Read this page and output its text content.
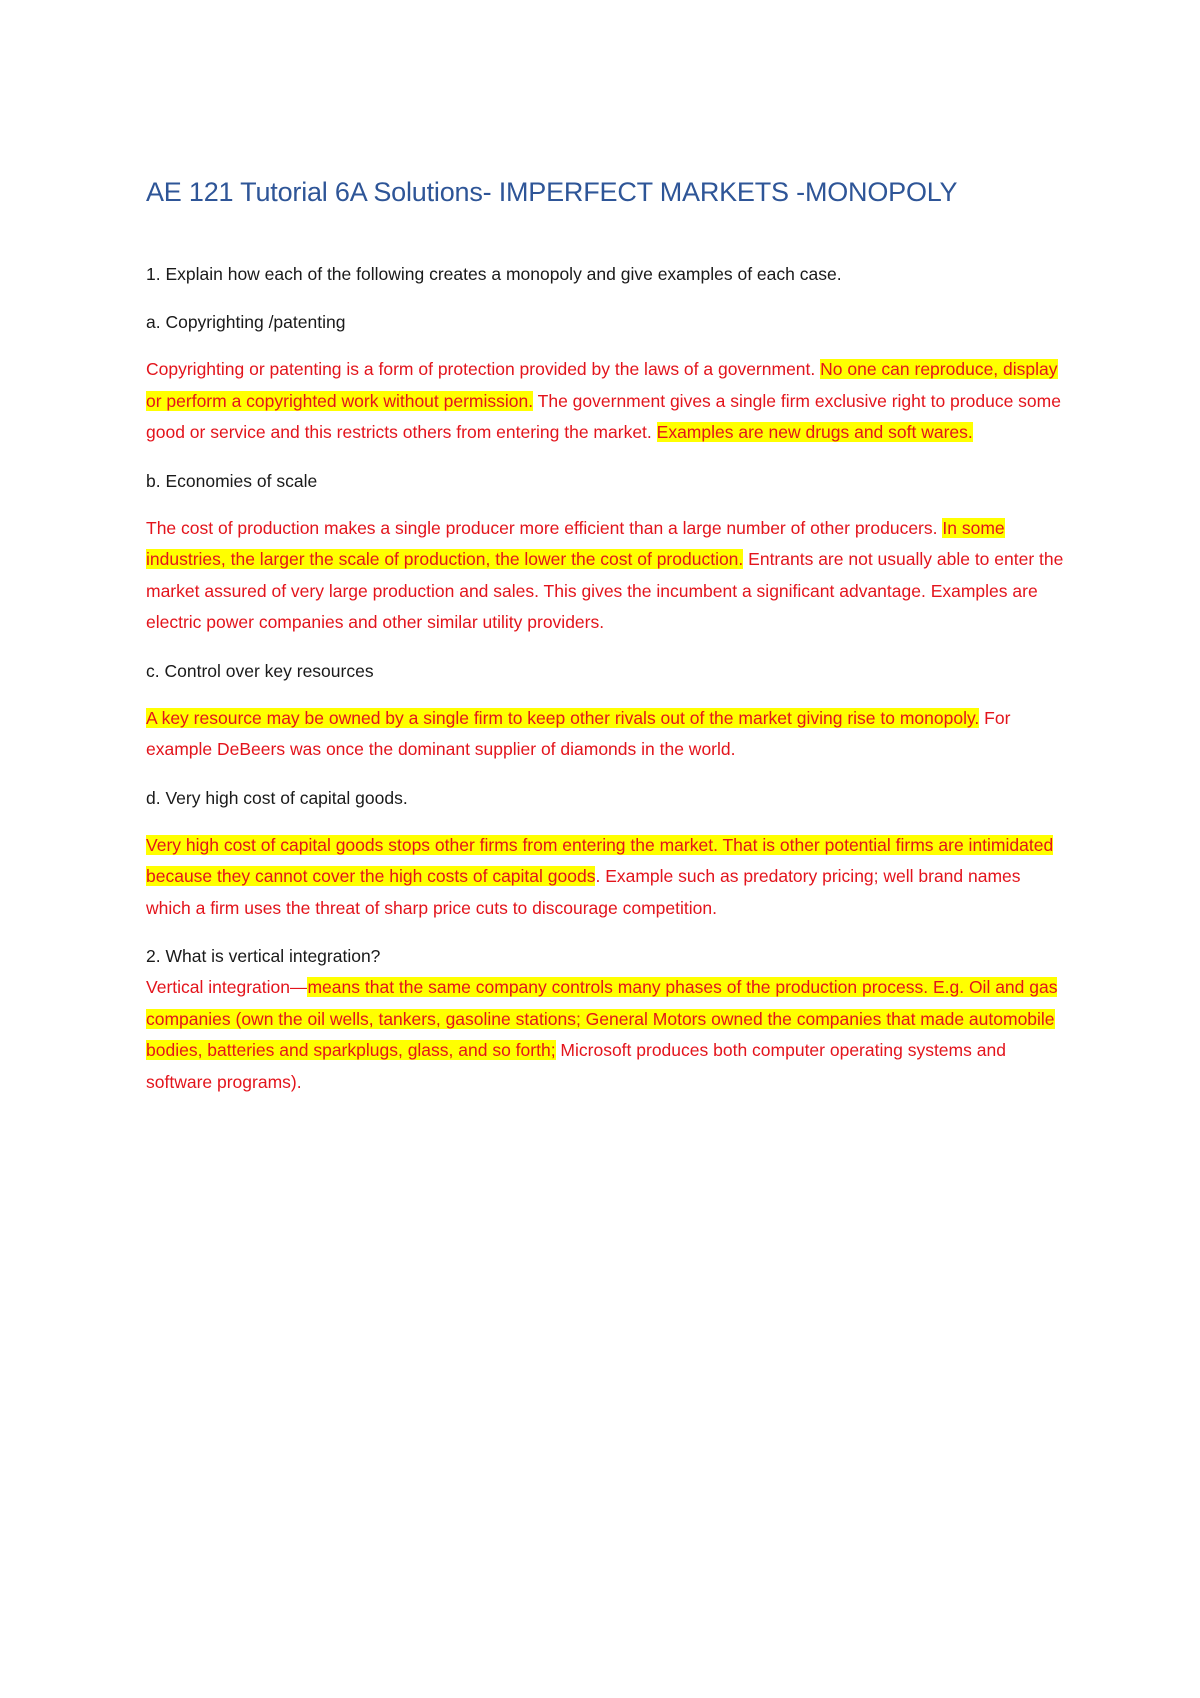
AE 121 Tutorial 6A Solutions- IMPERFECT MARKETS -MONOPOLY

1. Explain how each of the following creates a monopoly and give examples of each case.

a. Copyrighting /patenting

Copyrighting or patenting is a form of protection provided by the laws of a government. No one can reproduce, display or perform a copyrighted work without permission. The government gives a single firm exclusive right to produce some good or service and this restricts others from entering the market. Examples are new drugs and soft wares.

b. Economies of scale

The cost of production makes a single producer more efficient than a large number of other producers. In some industries, the larger the scale of production, the lower the cost of production. Entrants are not usually able to enter the market assured of very large production and sales. This gives the incumbent a significant advantage. Examples are electric power companies and other similar utility providers.

c. Control over key resources

A key resource may be owned by a single firm to keep other rivals out of the market giving rise to monopoly. For example DeBeers was once the dominant supplier of diamonds in the world.

d. Very high cost of capital goods.

Very high cost of capital goods stops other firms from entering the market. That is other potential firms are intimidated because they cannot cover the high costs of capital goods. Example such as predatory pricing; well brand names which a firm uses the threat of sharp price cuts to discourage competition.

2. What is vertical integration?

Vertical integration—means that the same company controls many phases of the production process. E.g. Oil and gas companies (own the oil wells, tankers, gasoline stations; General Motors owned the companies that made automobile bodies, batteries and sparkplugs, glass, and so forth; Microsoft produces both computer operating systems and software programs).
